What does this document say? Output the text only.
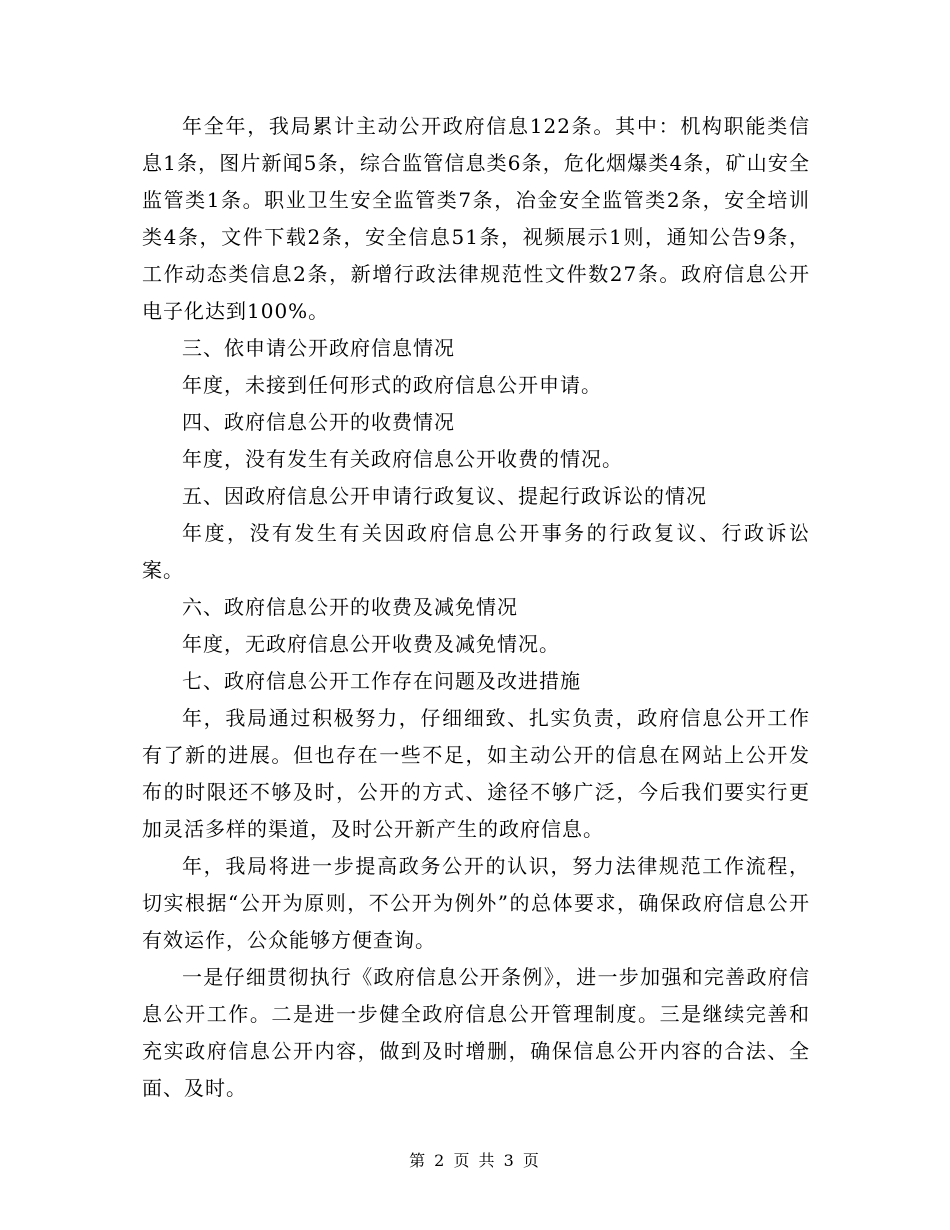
年全年，我局累计主动公开政府信息122条。其中：机构职能类信息1条，图片新闻5条，综合监管信息类6条，危化烟爆类4条，矿山安全监管类1条。职业卫生安全监管类7条，冶金安全监管类2条，安全培训类4条，文件下载2条，安全信息51条，视频展示1则，通知公告9条，工作动态类信息2条，新增行政法律规范性文件数27条。政府信息公开电子化达到100%。

三、依申请公开政府信息情况

年度，未接到任何形式的政府信息公开申请。

四、政府信息公开的收费情况

年度，没有发生有关政府信息公开收费的情况。

五、因政府信息公开申请行政复议、提起行政诉讼的情况

年度，没有发生有关因政府信息公开事务的行政复议、行政诉讼案。

六、政府信息公开的收费及减免情况

年度，无政府信息公开收费及减免情况。

七、政府信息公开工作存在问题及改进措施

年，我局通过积极努力，仔细细致、扎实负责，政府信息公开工作有了新的进展。但也存在一些不足，如主动公开的信息在网站上公开发布的时限还不够及时，公开的方式、途径不够广泛，今后我们要实行更加灵活多样的渠道，及时公开新产生的政府信息。

年，我局将进一步提高政务公开的认识，努力法律规范工作流程，切实根据“公开为原则，不公开为例外”的总体要求，确保政府信息公开有效运作，公众能够方便查询。

一是仔细贯彻执行《政府信息公开条例》，进一步加强和完善政府信息公开工作。二是进一步健全政府信息公开管理制度。三是继续完善和充实政府信息公开内容，做到及时增删，确保信息公开内容的合法、全面、及时。

第 2 页 共 3 页
